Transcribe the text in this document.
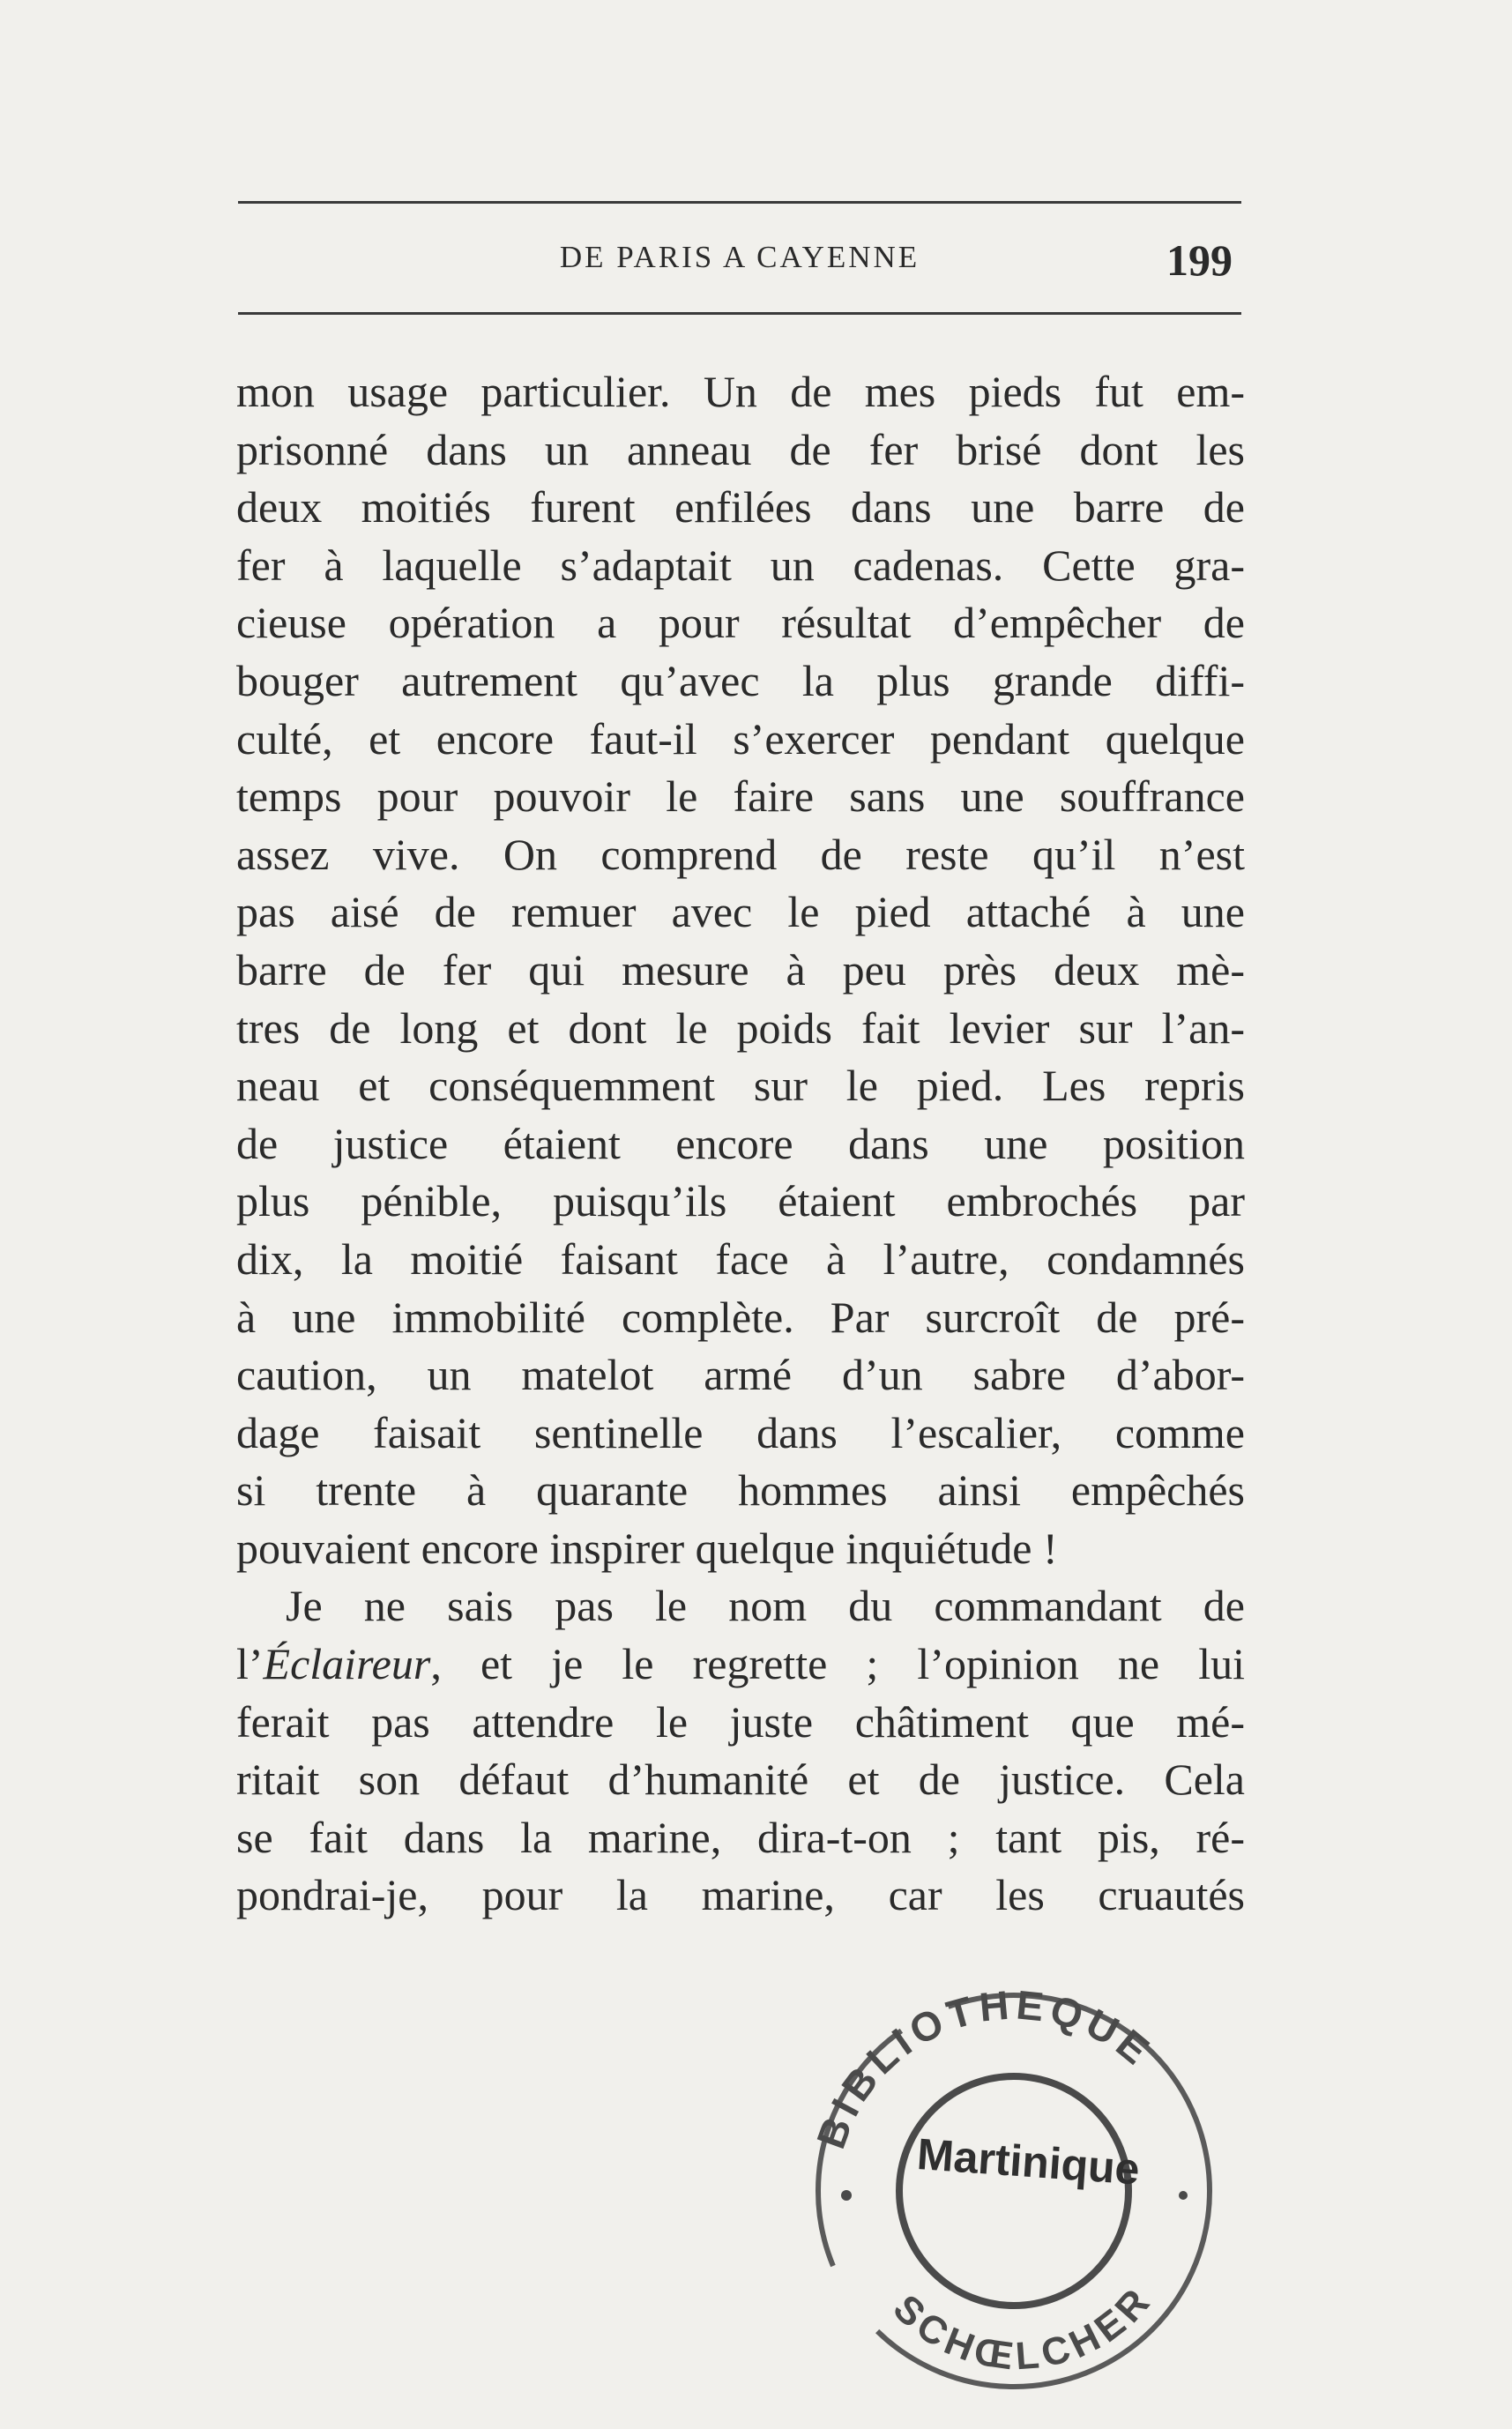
DE PARIS A CAYENNE	199
mon usage particulier. Un de mes pieds fut em-
prisonné dans un anneau de fer brisé dont les
deux moitiés furent enfilées dans une barre de
fer à laquelle s’adaptait un cadenas. Cette gra-
cieuse opération a pour résultat d’empêcher de
bouger autrement qu’avec la plus grande diffi-
culté, et encore faut-il s’exercer pendant quelque
temps pour pouvoir le faire sans une souffrance
assez vive. On comprend de reste qu’il n’est
pas aisé de remuer avec le pied attaché à une
barre de fer qui mesure à peu près deux mè-
tres de long et dont le poids fait levier sur l’an-
neau et conséquemment sur le pied. Les repris
de justice étaient encore dans une position
plus pénible, puisqu’ils étaient embrochés par
dix, la moitié faisant face à l’autre, condamnés
à une immobilité complète. Par surcroît de pré-
caution, un matelot armé d’un sabre d’abor-
dage faisait sentinelle dans l’escalier, comme
si trente à quarante hommes ainsi empêchés
pouvaient encore inspirer quelque inquiétude !
Je ne sais pas le nom du commandant de
l’Éclaireur, et je le regrette ; l’opinion ne lui
ferait pas attendre le juste châtiment que mé-
ritait son défaut d’humanité et de justice. Cela
se fait dans la marine, dira-t-on ; tant pis, ré-
pondrai-je, pour la marine, car les cruautés
BIBLIOTHEQUE
SCHŒLCHER
Martinique
